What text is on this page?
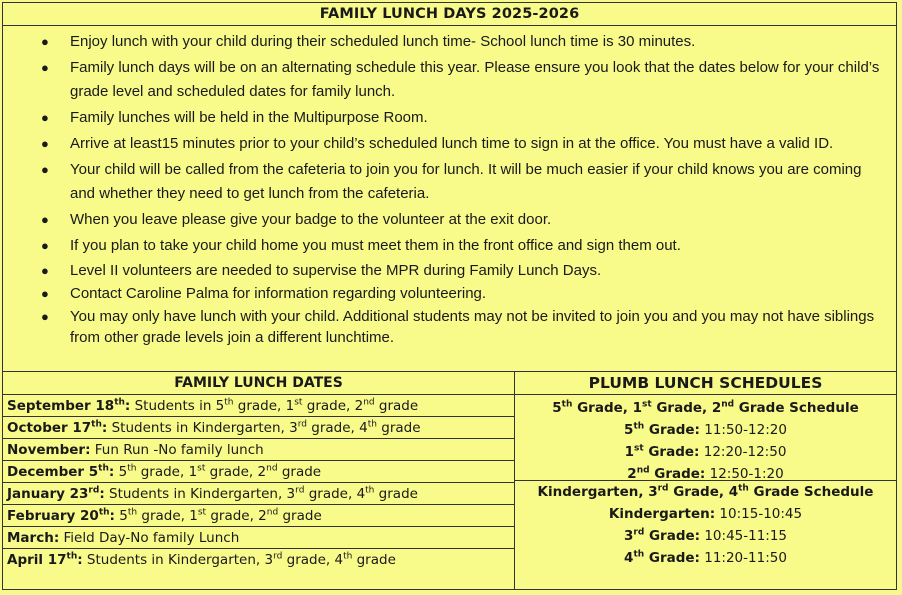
FAMILY LUNCH DAYS 2025-2026
● Enjoy lunch with your child during their scheduled lunch time- School lunch time is 30 minutes.
● Family lunch days will be on an alternating schedule this year. Please ensure you look that the dates below for your child’s grade level and scheduled dates for family lunch.
● Family lunches will be held in the Multipurpose Room.
● Arrive at least15 minutes prior to your child’s scheduled lunch time to sign in at the office. You must have a valid ID.
● Your child will be called from the cafeteria to join you for lunch. It will be much easier if your child knows you are coming and whether they need to get lunch from the cafeteria.
● When you leave please give your badge to the volunteer at the exit door.
● If you plan to take your child home you must meet them in the front office and sign them out.
● Level II volunteers are needed to supervise the MPR during Family Lunch Days.
● Contact Caroline Palma for information regarding volunteering.
● You may only have lunch with your child. Additional students may not be invited to join you and you may not have siblings from other grade levels join a different lunchtime.
FAMILY LUNCH DATES
September 18th: Students in 5th grade, 1st grade, 2nd grade
October 17th: Students in Kindergarten, 3rd grade, 4th grade
November: Fun Run -No family lunch
December 5th: 5th grade, 1st grade, 2nd grade
January 23rd: Students in Kindergarten, 3rd grade, 4th grade
February 20th: 5th grade, 1st grade, 2nd grade
March: Field Day-No family Lunch
April 17th: Students in Kindergarten, 3rd grade, 4th grade
PLUMB LUNCH SCHEDULES
5th Grade, 1st Grade, 2nd Grade Schedule
5th Grade: 11:50-12:20
1st Grade: 12:20-12:50
2nd Grade: 12:50-1:20
Kindergarten, 3rd Grade, 4th Grade Schedule
Kindergarten: 10:15-10:45
3rd Grade: 10:45-11:15
4th Grade: 11:20-11:50
